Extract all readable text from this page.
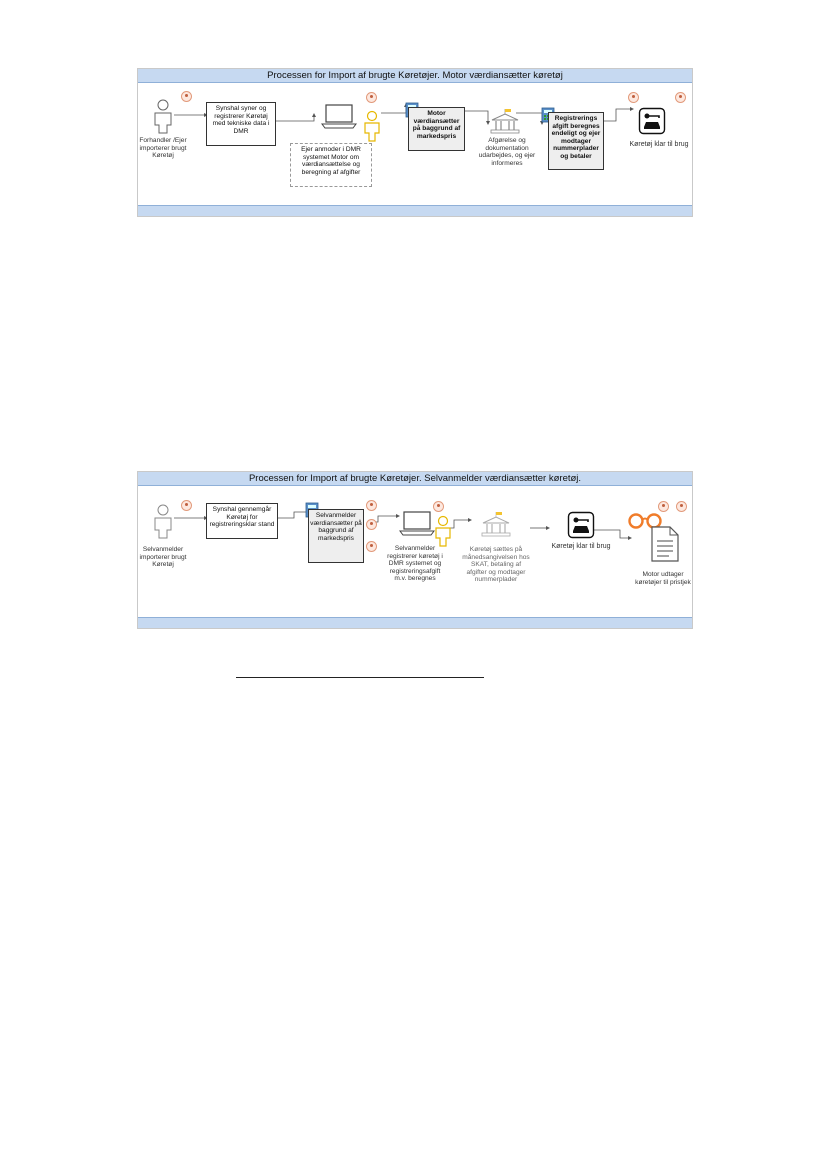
Processen for Import af brugte Køretøjer. Motor værdiansætter køretøj
Forhandler /Ejer importerer brugt Køretøj
Synshal syner og registrerer Køretøj med tekniske data i DMR
Ejer anmoder i DMR systemet Motor om værdiansættelse og beregning af afgifter
Motor værdiansætter på baggrund af markedspris
Afgørelse og dokumentation udarbejdes, og ejer informeres
Registrerings afgift beregnes endeligt og ejer modtager nummerplader og betaler
Køretøj klar til brug
Processen for Import af brugte Køretøjer. Selvanmelder værdiansætter køretøj.
Selvanmelder importerer brugt Køretøj
Synshal gennemgår Køretøj for registreringsklar stand
Selvanmelder værdiansætter på baggrund af markedspris
Selvanmelder registrerer køretøj i DMR systemet og registreringsafgift m.v. beregnes
Køretøj sættes på månedsangivelsen hos SKAT, betaling af afgifter og modtager nummerplader
Køretøj klar til brug
Motor udtager køretøjer til pristjek
